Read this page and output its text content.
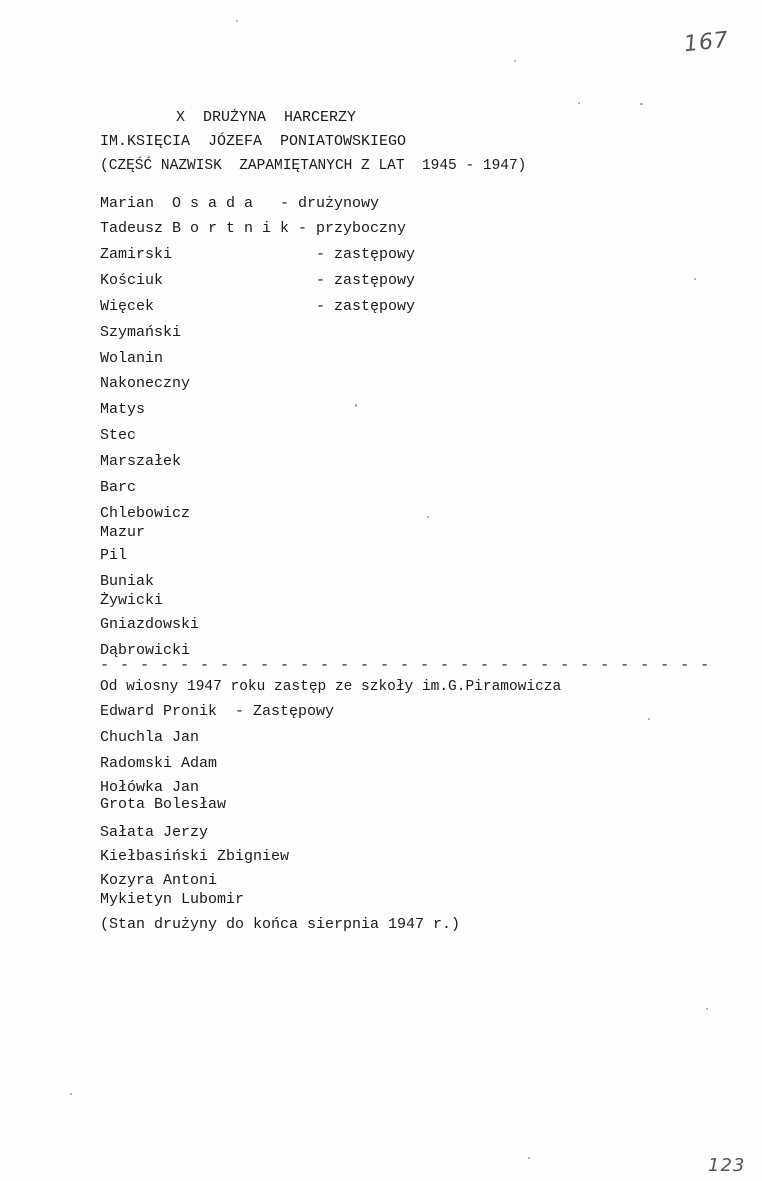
167
123
X  DRUŻYNA  HARCERZY
IM.KSIĘCIA  JÓZEFA  PONIATOWSKIEGO
(CZĘŚĆ NAZWISK  ZAPAMIĘTANYCH Z LAT  1945 - 1947)
Marian  O s a d a   - drużynowy
Tadeusz B o r t n i k - przyboczny
Zamirski                - zastępowy
Kościuk                 - zastępowy
Więcek                  - zastępowy
Szymański
Wolanin
Nakoneczny
Matys
Stec
Marszałek
Barc
Chlebowicz
Mazur
Pil
Buniak
Żywicki
Gniazdowski
Dąbrowicki
- - - - - - - - - - - - - - - - - - - - - - - - - - - - - - -
Od wiosny 1947 roku zastęp ze szkoły im.G.Piramowicza
Edward Pronik  - Zastępowy
Chuchla Jan
Radomski Adam
Hołówka Jan
Grota Bolesław
Sałata Jerzy
Kiełbasiński Zbigniew
Kozyra Antoni
Mykietyn Lubomir
(Stan drużyny do końca sierpnia 1947 r.)
